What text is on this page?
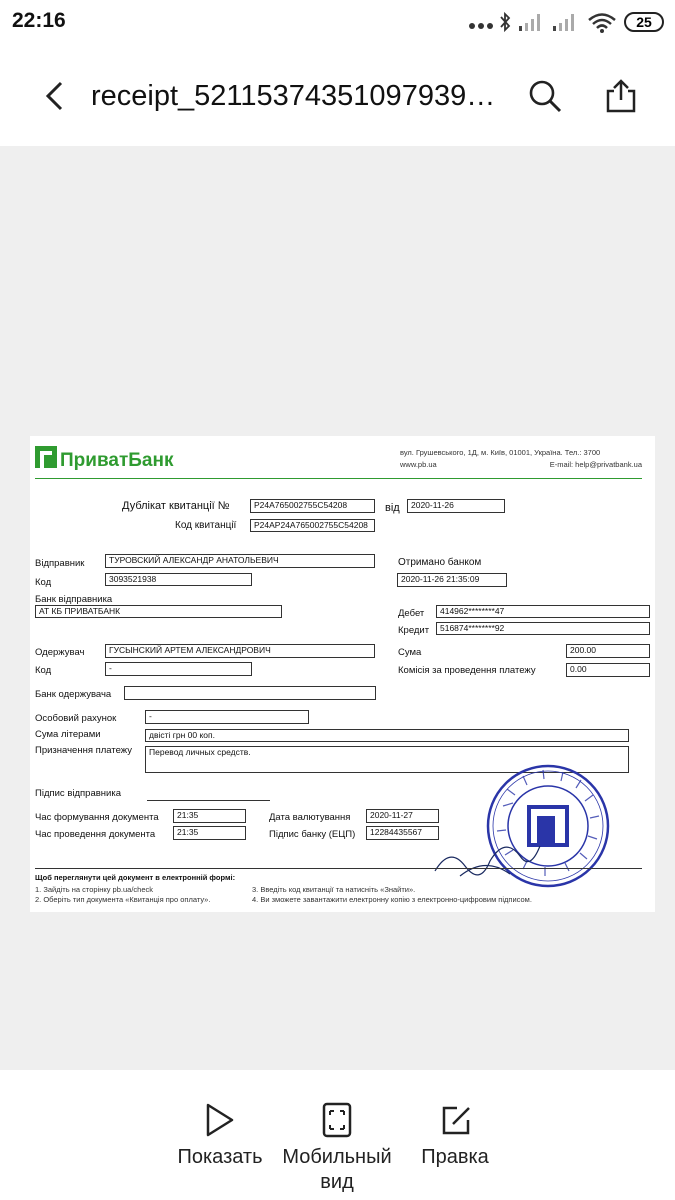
22:16	25
receipt_52115374351097939…
ПриватБанк	вул. Грушевського, 1Д, м. Київ, 01001, Україна. Тел.: 3700
www.pb.ua	E-mail: help@privatbank.ua
Дублікат квитанції №	P24A765002755C54208	від	2020-11-26
Код квитанції	P24AP24A765002755C54208
Відправник	ТУРОВСКИЙ АЛЕКСАНДР АНАТОЛЬЕВИЧ	Отримано банком
Код	3093521938	2020-11-26 21:35:09
Банк відправника
АТ КБ ПРИВАТБАНК	Дебет	414962********47
Кредит	516874********92
Одержувач	ГУСЫНСКИЙ АРТЕМ АЛЕКСАНДРОВИЧ	Сума	200.00
Код	-	Комісія за проведення платежу	0.00
Банк одержувача
Особовий рахунок	-
Сума літерами	двісті грн 00 коп.
Призначення платежу	Перевод личных средств.
Підпис відправника
Час формування документа	21:35	Дата валютування	2020-11-27
Час проведення документа	21:35	Підпис банку (ЕЦП)	12284435567
Щоб переглянути цей документ в електронній формі:
1. Зайдіть на сторінку pb.ua/check
2. Оберіть тип документа «Квитанція про оплату».
3. Введіть код квитанції та натисніть «Знайти».
4. Ви зможете завантажити електронну копію з електронно-цифровим підписом.
Показать Мобильный
вид
Правка
